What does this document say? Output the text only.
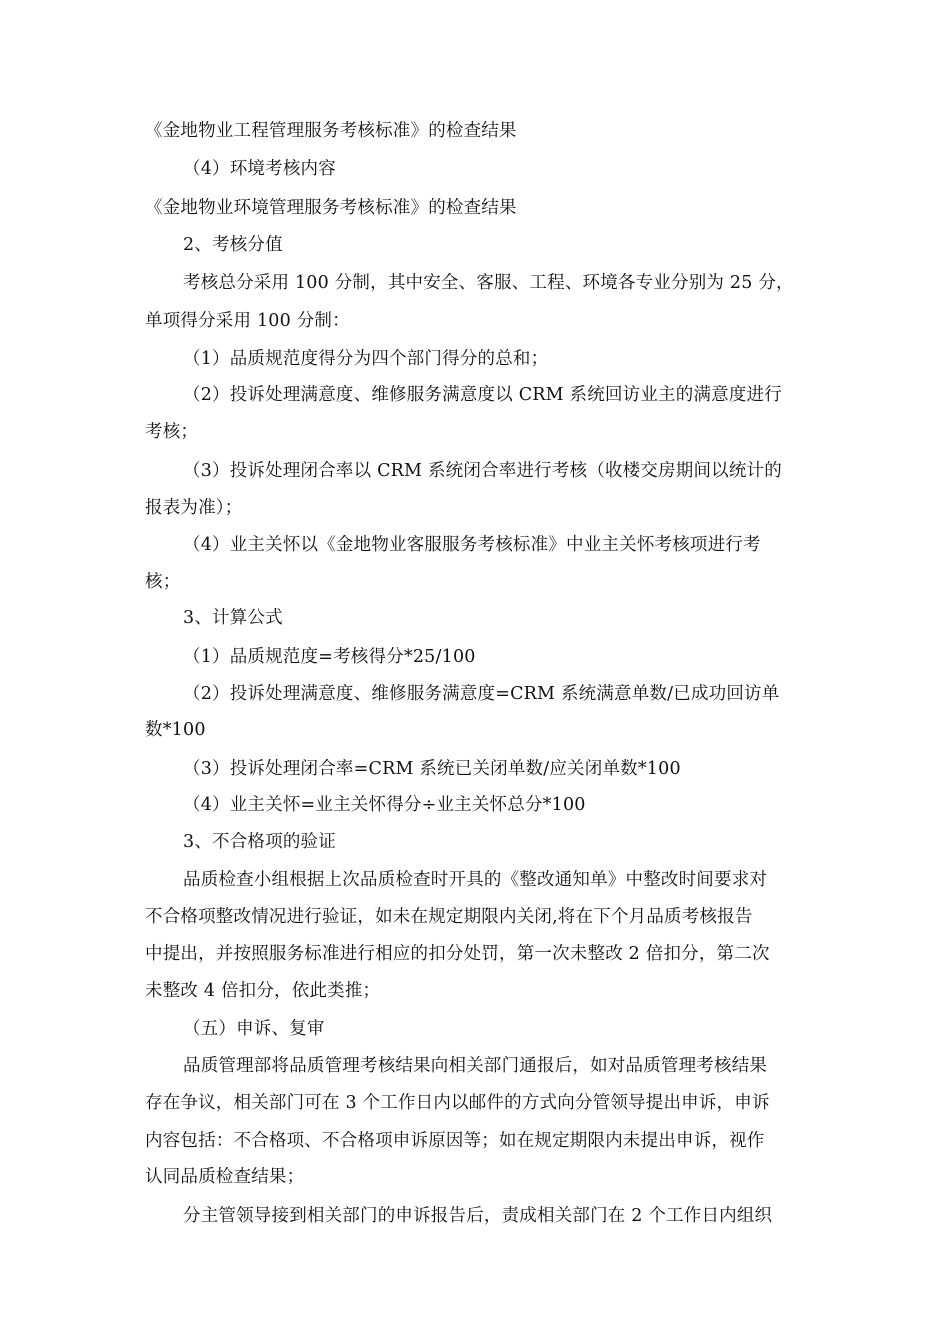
《金地物业工程管理服务考核标准》的检查结果
（4）环境考核内容
《金地物业环境管理服务考核标准》的检查结果
2、考核分值
考核总分采用 100 分制，其中安全、客服、工程、环境各专业分别为 25 分，
单项得分采用 100 分制：
（1）品质规范度得分为四个部门得分的总和；
（2）投诉处理满意度、维修服务满意度以 CRM 系统回访业主的满意度进行
考核；
（3）投诉处理闭合率以 CRM 系统闭合率进行考核（收楼交房期间以统计的
报表为准）；
（4）业主关怀以《金地物业客服服务考核标准》中业主关怀考核项进行考
核；
3、计算公式
（1）品质规范度=考核得分*25/100
（2）投诉处理满意度、维修服务满意度=CRM 系统满意单数/已成功回访单
数*100
（3）投诉处理闭合率=CRM 系统已关闭单数/应关闭单数*100
（4）业主关怀=业主关怀得分÷业主关怀总分*100
3、不合格项的验证
品质检查小组根据上次品质检查时开具的《整改通知单》中整改时间要求对
不合格项整改情况进行验证，如未在规定期限内关闭,将在下个月品质考核报告
中提出，并按照服务标准进行相应的扣分处罚，第一次未整改 2 倍扣分，第二次
未整改 4 倍扣分，依此类推；
（五）申诉、复审
品质管理部将品质管理考核结果向相关部门通报后，如对品质管理考核结果
存在争议，相关部门可在 3 个工作日内以邮件的方式向分管领导提出申诉，申诉
内容包括：不合格项、不合格项申诉原因等；如在规定期限内未提出申诉，视作
认同品质检查结果；
分主管领导接到相关部门的申诉报告后，责成相关部门在 2 个工作日内组织
